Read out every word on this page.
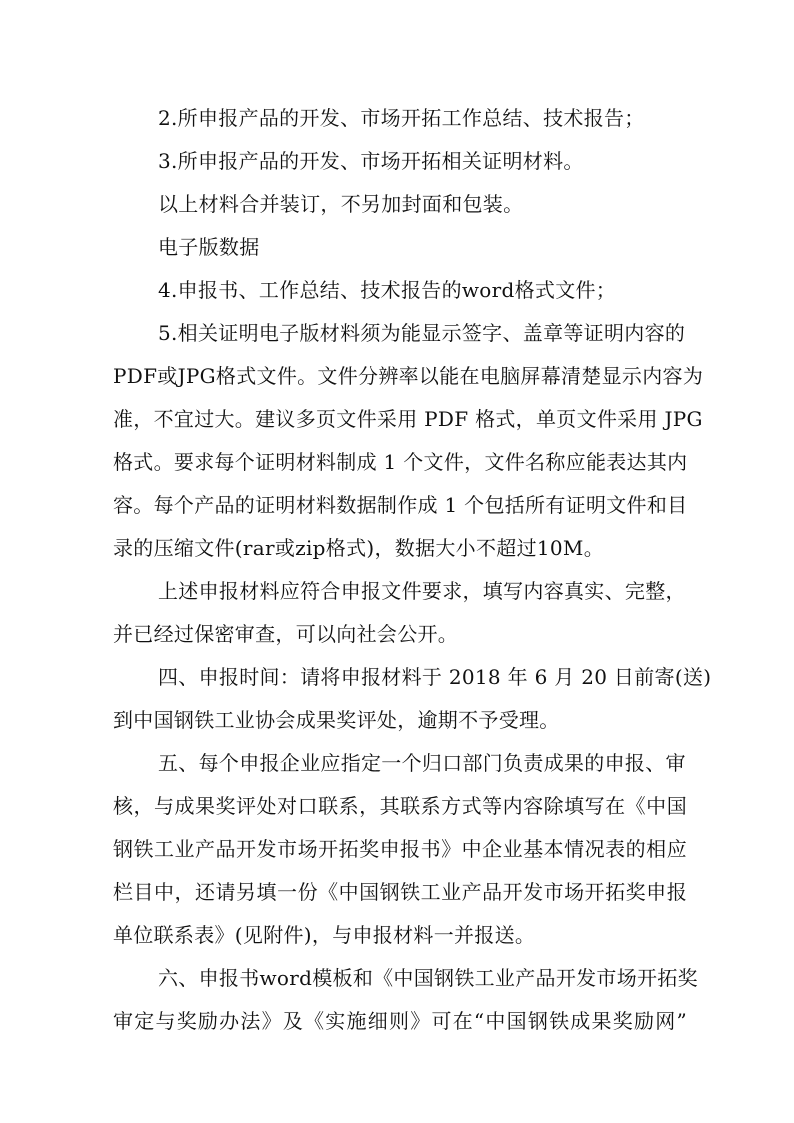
2.所申报产品的开发、市场开拓工作总结、技术报告；

3.所申报产品的开发、市场开拓相关证明材料。

以上材料合并装订，不另加封面和包装。

电子版数据

4.申报书、工作总结、技术报告的word格式文件；

5.相关证明电子版材料须为能显示签字、盖章等证明内容的

PDF或JPG格式文件。文件分辨率以能在电脑屏幕清楚显示内容为

准，不宜过大。建议多页文件采用 PDF 格式，单页文件采用 JPG

格式。要求每个证明材料制成 1 个文件，文件名称应能表达其内

容。每个产品的证明材料数据制作成 1 个包括所有证明文件和目

录的压缩文件(rar或zip格式)，数据大小不超过10M。

上述申报材料应符合申报文件要求，填写内容真实、完整，

并已经过保密审查，可以向社会公开。

四、申报时间：请将申报材料于 2018 年 6 月 20 日前寄(送)

到中国钢铁工业协会成果奖评处，逾期不予受理。

五、每个申报企业应指定一个归口部门负责成果的申报、审

核，与成果奖评处对口联系，其联系方式等内容除填写在《中国

钢铁工业产品开发市场开拓奖申报书》中企业基本情况表的相应

栏目中，还请另填一份《中国钢铁工业产品开发市场开拓奖申报

单位联系表》(见附件)，与申报材料一并报送。

六、申报书word模板和《中国钢铁工业产品开发市场开拓奖

审定与奖励办法》及《实施细则》可在“中国钢铁成果奖励网”
